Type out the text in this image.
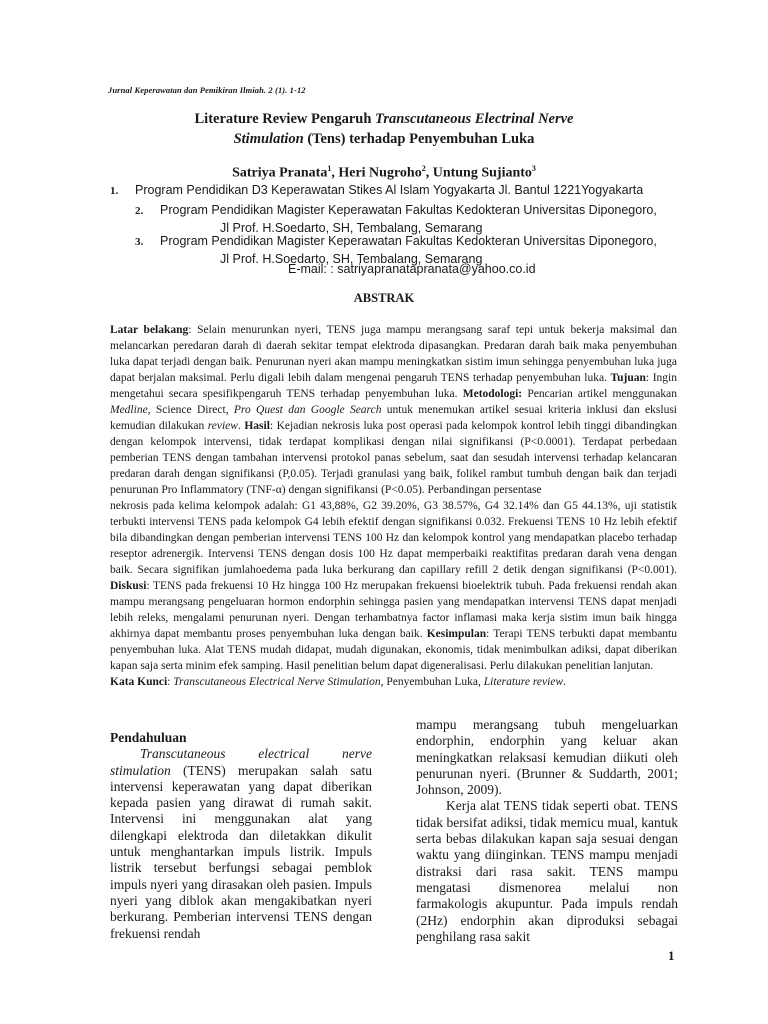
Jurnal Keperawatan dan Pemikiran Ilmiah. 2 (1). 1-12
Literature Review Pengaruh Transcutaneous Electrinal Nerve
Stimulation (Tens) terhadap Penyembuhan Luka
Satriya Pranata$^1$, Heri Nugroho$^2$, Untung Sujianto$^3$
1. Program Pendidikan D3 Keperawatan Stikes Al Islam Yogyakarta Jl. Bantul 1221Yogyakarta
2. Program Pendidikan Magister Keperawatan Fakultas Kedokteran Universitas Diponegoro,
Jl Prof. H.Soedarto, SH, Tembalang, Semarang
3. Program Pendidikan Magister Keperawatan Fakultas Kedokteran Universitas Diponegoro,
Jl Prof. H.Soedarto, SH, Tembalang, Semarang
E-mail: : satriyapranatapranata@yahoo.co.id
ABSTRAK

Latar belakang: Selain menurunkan nyeri, TENS juga mampu merangsang saraf tepi untuk bekerja maksimal dan melancarkan peredaran darah di daerah sekitar tempat elektroda dipasangkan. Predaran darah baik maka penyembuhan luka dapat terjadi dengan baik. Penurunan nyeri akan mampu meningkatkan sistim imun sehingga penyembuhan luka juga dapat berjalan maksimal. Perlu digali lebih dalam mengenai pengaruh TENS terhadap penyembuhan luka. Tujuan: Ingin mengetahui secara spesifikpengaruh TENS terhadap penyembuhan luka. Metodologi: Pencarian artikel menggunakan Medline, Science Direct, Pro Quest dan Google Search untuk menemukan artikel sesuai kriteria inklusi dan ekslusi kemudian dilakukan review. Hasil: Kejadian nekrosis luka post operasi pada kelompok kontrol lebih tinggi dibandingkan dengan kelompok intervensi, tidak terdapat komplikasi dengan nilai signifikansi (P<0.0001). Terdapat perbedaan pemberian TENS dengan tambahan intervensi protokol panas sebelum, saat dan sesudah intervensi terhadap kelancaran predaran darah dengan signifikansi (P,0.05). Terjadi granulasi yang baik, folikel rambut tumbuh dengan baik dan terjadi penurunan Pro Inflammatory (TNF-α) dengan signifikansi (P<0.05). Perbandingan persentase

nekrosis pada kelima kelompok adalah: G1 43,88%, G2 39.20%, G3 38.57%, G4 32.14% dan G5 44.13%, uji statistik terbukti intervensi TENS pada kelompok G4 lebih efektif dengan signifikansi 0.032. Frekuensi TENS 10 Hz lebih efektif bila dibandingkan dengan pemberian intervensi TENS 100 Hz dan kelompok kontrol yang mendapatkan placebo terhadap reseptor adrenergik. Intervensi TENS dengan dosis 100 Hz dapat memperbaiki reaktifitas predaran darah vena dengan baik. Secara signifikan jumlahoedema pada luka berkurang dan capillary refill 2 detik dengan signifikansi (P<0.001). Diskusi: TENS pada frekuensi 10 Hz hingga 100 Hz merupakan frekuensi bioelektrik tubuh. Pada frekuensi rendah akan mampu merangsang pengeluaran hormon endorphin sehingga pasien yang mendapatkan intervensi TENS dapat menjadi lebih releks, mengalami penurunan nyeri. Dengan terhambatnya factor inflamasi maka kerja sistim imun baik hingga akhirnya dapat membantu proses penyembuhan luka dengan baik. Kesimpulan: Terapi TENS terbukti dapat membantu penyembuhan luka. Alat TENS mudah didapat, mudah digunakan, ekonomis, tidak menimbulkan adiksi, dapat diberikan kapan saja serta minim efek samping. Hasil penelitian belum dapat digeneralisasi. Perlu dilakukan penelitian lanjutan.

Kata Kunci: Transcutaneous Electrical Nerve Stimulation, Penyembuhan Luka, Literature review.

Pendahuluan

Transcutaneous electrical nerve stimulation (TENS) merupakan salah satu intervensi keperawatan yang dapat diberikan kepada pasien yang dirawat di rumah sakit. Intervensi ini menggunakan alat yang dilengkapi elektroda dan diletakkan dikulit untuk menghantarkan impuls listrik. Impuls listrik tersebut berfungsi sebagai pemblok impuls nyeri yang dirasakan oleh pasien. Impuls nyeri yang diblok akan mengakibatkan nyeri berkurang. Pemberian intervensi TENS dengan frekuensi rendah

mampu merangsang tubuh mengeluarkan endorphin, endorphin yang keluar akan meningkatkan relaksasi kemudian diikuti oleh penurunan nyeri. (Brunner & Suddarth, 2001; Johnson, 2009).

Kerja alat TENS tidak seperti obat. TENS tidak bersifat adiksi, tidak memicu mual, kantuk serta bebas dilakukan kapan saja sesuai dengan waktu yang diinginkan. TENS mampu menjadi distraksi dari rasa sakit. TENS mampu mengatasi dismenorea melalui non farmakologis akupuntur. Pada impuls rendah (2Hz) endorphin akan diproduksi sebagai penghilang rasa sakit

1
